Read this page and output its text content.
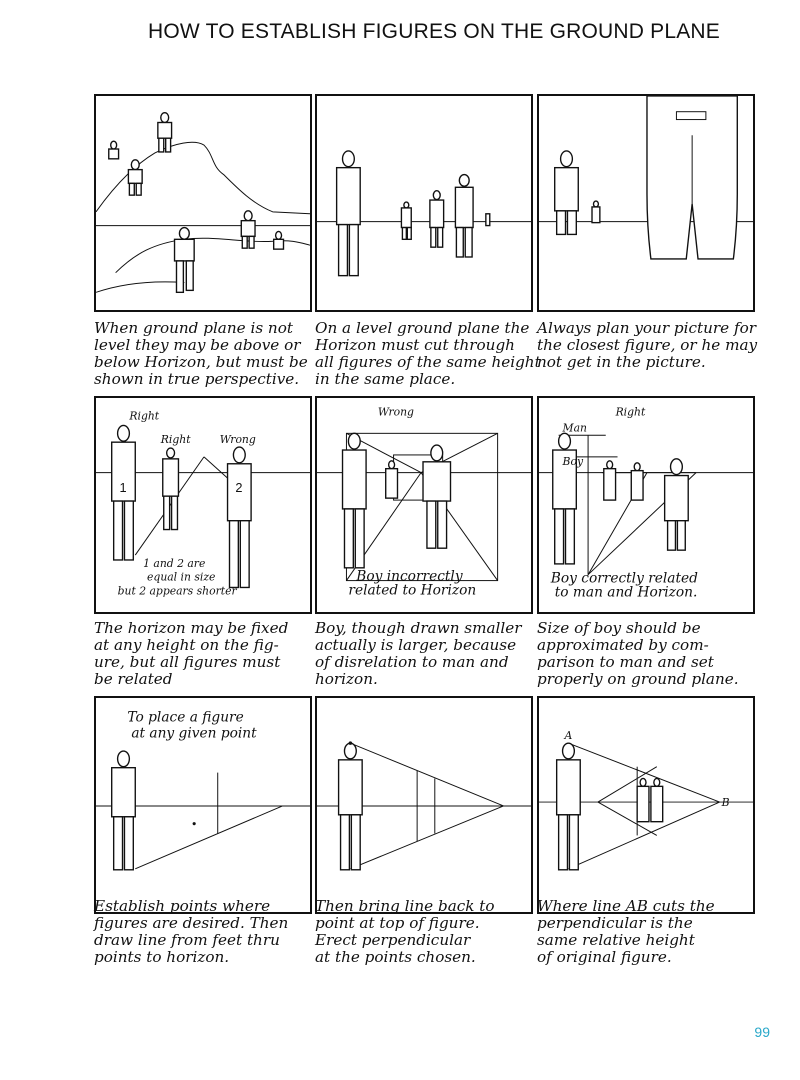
HOW TO ESTABLISH FIGURES ON THE GROUND PLANE
When ground plane is not
level they may be above or
below Horizon, but must be
shown in true perspective.
On a level ground plane the
Horizon must cut through
all figures of the same height
in the same place.
Always plan your picture for
the closest figure, or he may
not get in the picture.
Right
Right	Wrong
1	2
1 and 2 are
equal in size
but 2 appears shorter
Wrong
Boy incorrectly
related to Horizon
Right
Man
Boy
Boy correctly related
to man and Horizon.
The horizon may be fixed
at any height on the fig-
ure, but all figures must
be related
Boy, though drawn smaller
actually is larger, because
of disrelation to man and
horizon.
Size of boy should be
approximated by com-
parison to man and set
properly on ground plane.
To place a figure
at any given point	A
B
Establish points where
figures are desired. Then
draw line from feet thru
points to horizon.
Then bring line back to
point at top of figure.
Erect perpendicular
at the points chosen.
Where line AB cuts the
perpendicular is the
same relative height
of original figure.
99
